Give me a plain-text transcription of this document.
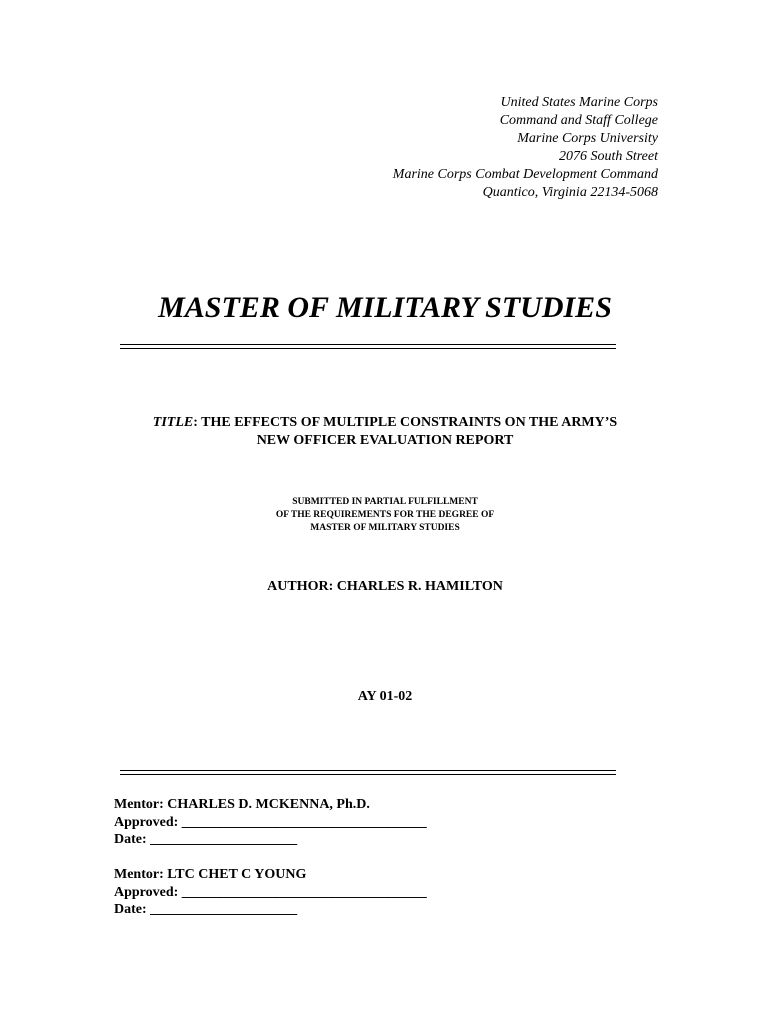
United States Marine Corps
Command and Staff College
Marine Corps University
2076 South Street
Marine Corps Combat Development Command
Quantico, Virginia 22134-5068
MASTER OF MILITARY STUDIES
TITLE: THE EFFECTS OF MULTIPLE CONSTRAINTS ON THE ARMY’S
NEW OFFICER EVALUATION REPORT
SUBMITTED IN PARTIAL FULFILLMENT
OF THE REQUIREMENTS FOR THE DEGREE OF
MASTER OF MILITARY STUDIES
AUTHOR: CHARLES R. HAMILTON
AY 01-02
Mentor: CHARLES D. MCKENNA, Ph.D.
Approved: ___________________________________
Date: _____________________
Mentor: LTC CHET C YOUNG
Approved: ___________________________________
Date: _____________________
